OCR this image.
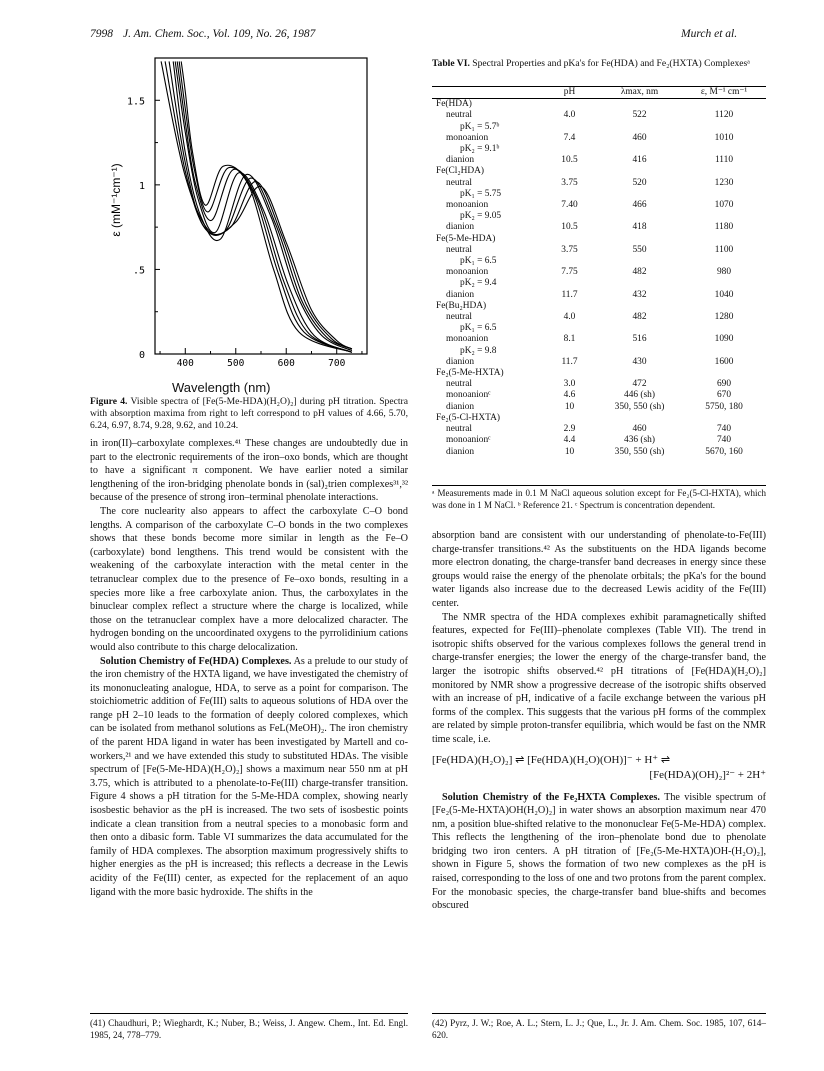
7998 J. Am. Chem. Soc., Vol. 109, No. 26, 1987	Murch et al.
0
.5
1
1.5
400	500	600	700
ε (mM⁻¹cm⁻¹)
Wavelength (nm)
Figure 4. Visible spectra of [Fe(5-Me-HDA)(H₂O)₂] during pH titration. Spectra with absorption maxima from right to left correspond to pH values of 4.66, 5.70, 6.24, 6.97, 8.74, 9.28, 9.62, and 10.24.

in iron(II)–carboxylate complexes.⁴¹ These changes are undoubtedly due in part to the electronic requirements of the iron–oxo bonds, which are thought to have a significant π component. We have earlier noted a similar lengthening of the iron-bridging phenolate bonds in (sal)₂trien complexes³¹,³² because of the presence of strong iron–terminal phenolate interactions.

The core nuclearity also appears to affect the carboxylate C–O bond lengths. A comparison of the carboxylate C–O bonds in the two complexes shows that these bonds become more similar in length as the Fe–O (carboxylate) bond lengthens. This trend would be consistent with the weakening of the carboxylate interaction with the metal center in the tetranuclear complex due to the presence of Fe–oxo bonds, resulting in a species more like a free carboxylate anion. Thus, the carboxylates in the binuclear complex reflect a structure where the charge is localized, while those on the tetranuclear complex have a more delocalized character. The hydrogen bonding on the uncoordinated oxygens to the pyrrolidinium cations would also contribute to this charge delocalization.

Solution Chemistry of Fe(HDA) Complexes. As a prelude to our study of the iron chemistry of the HXTA ligand, we have investigated the chemistry of its mononucleating analogue, HDA, to serve as a point for comparison. The stoichiometric addition of Fe(III) salts to aqueous solutions of HDA over the range pH 2–10 leads to the formation of deeply colored complexes, which can be isolated from methanol solutions as FeL(MeOH)₂. The iron chemistry of the parent HDA ligand in water has been investigated by Martell and co-workers,²¹ and we have extended this study to substituted HDAs. The visible spectrum of [Fe(5-Me-HDA)(H₂O)₂] shows a maximum near 550 nm at pH 3.75, which is attributed to a phenolate-to-Fe(III) charge-transfer transition. Figure 4 shows a pH titration for the 5-Me-HDA complex, showing nearly isosbestic behavior as the pH is increased. The two sets of isosbestic points indicate a clean transition from a neutral species to a monobasic form and then onto a dibasic form. Table VI summarizes the data accumulated for the family of HDA complexes. The absorption maximum progressively shifts to higher energies as the pH is increased; this reflects a decrease in the Lewis acidity of the Fe(III) center, as expected for the replacement of an aquo ligand with the more basic hydroxide. The shifts in the

(41) Chaudhuri, P.; Wieghardt, K.; Nuber, B.; Weiss, J. Angew. Chem., Int. Ed. Engl. 1985, 24, 778–779.
Table VI. Spectral Properties and pKa's for Fe(HDA) and Fe₂(HXTA) Complexesᵃ
	pH	λmax, nm	ε, M⁻¹ cm⁻¹
Fe(HDA)			
neutral	4.0	522	1120
pK₁ = 5.7ᵇ			
monoanion	7.4	460	1010
pK₂ = 9.1ᵇ			
dianion	10.5	416	1110
Fe(Cl₂HDA)			
neutral	3.75	520	1230
pK₁ = 5.75			
monoanion	7.40	466	1070
pK₂ = 9.05			
dianion	10.5	418	1180
Fe(5-Me-HDA)			
neutral	3.75	550	1100
pK₁ = 6.5			
monoanion	7.75	482	980
pK₂ = 9.4			
dianion	11.7	432	1040
Fe(Bu₂HDA)			
neutral	4.0	482	1280
pK₁ = 6.5			
monoanion	8.1	516	1090
pK₂ = 9.8			
dianion	11.7	430	1600
Fe₂(5-Me-HXTA)			
neutral	3.0	472	690
monoanionᶜ	4.6	446 (sh)	670
dianion	10	350, 550 (sh)	5750, 180
Fe₂(5-Cl-HXTA)			
neutral	2.9	460	740
monoanionᶜ	4.4	436 (sh)	740
dianion	10	350, 550 (sh)	5670, 160
ᵃ Measurements made in 0.1 M NaCl aqueous solution except for Fe₂(5-Cl-HXTA), which was done in 1 M NaCl. ᵇ Reference 21. ᶜ Spectrum is concentration dependent.

absorption band are consistent with our understanding of phenolate-to-Fe(III) charge-transfer transitions.⁴² As the substituents on the HDA ligands become more electron donating, the charge-transfer band decreases in energy since these groups would raise the energy of the phenolate orbitals; the pKa's for the bound water ligands also increase due to the decreased Lewis acidity of the Fe(III) center.

The NMR spectra of the HDA complexes exhibit paramagnetically shifted features, expected for Fe(III)–phenolate complexes (Table VII). The trend in isotropic shifts observed for the various complexes follows the general trend in charge-transfer energies; the lower the energy of the charge-transfer band, the larger the isotropic shifts observed.⁴² pH titrations of [Fe(HDA)(H₂O)₂] monitored by NMR show a progressive decrease of the isotropic shifts observed with an increase of pH, indicative of a facile exchange between the various pH forms of the complex. This suggests that the various pH forms of the commplex are related by simple proton-transfer equilibria, which would be fast on the NMR time scale, i.e.

[Fe(HDA)(H₂O)₂] ⇌ [Fe(HDA)(H₂O)(OH)]⁻ + H⁺ ⇌
[Fe(HDA)(OH)₂]²⁻ + 2H⁺

Solution Chemistry of the Fe₂HXTA Complexes. The visible spectrum of [Fe₂(5-Me-HXTA)OH(H₂O)₂] in water shows an absorption maximum near 470 nm, a position blue-shifted relative to the mononuclear Fe(5-Me-HDA) complex. This reflects the lengthening of the iron–phenolate bond due to phenolate bridging two iron centers. A pH titration of [Fe₂(5-Me-HXTA)OH-(H₂O)₂], shown in Figure 5, shows the formation of two new complexes as the pH is raised, corresponding to the loss of one and two protons from the parent complex. For the monobasic species, the charge-transfer band blue-shifts and becomes obscured

(42) Pyrz, J. W.; Roe, A. L.; Stern, L. J.; Que, L., Jr. J. Am. Chem. Soc. 1985, 107, 614–620.
